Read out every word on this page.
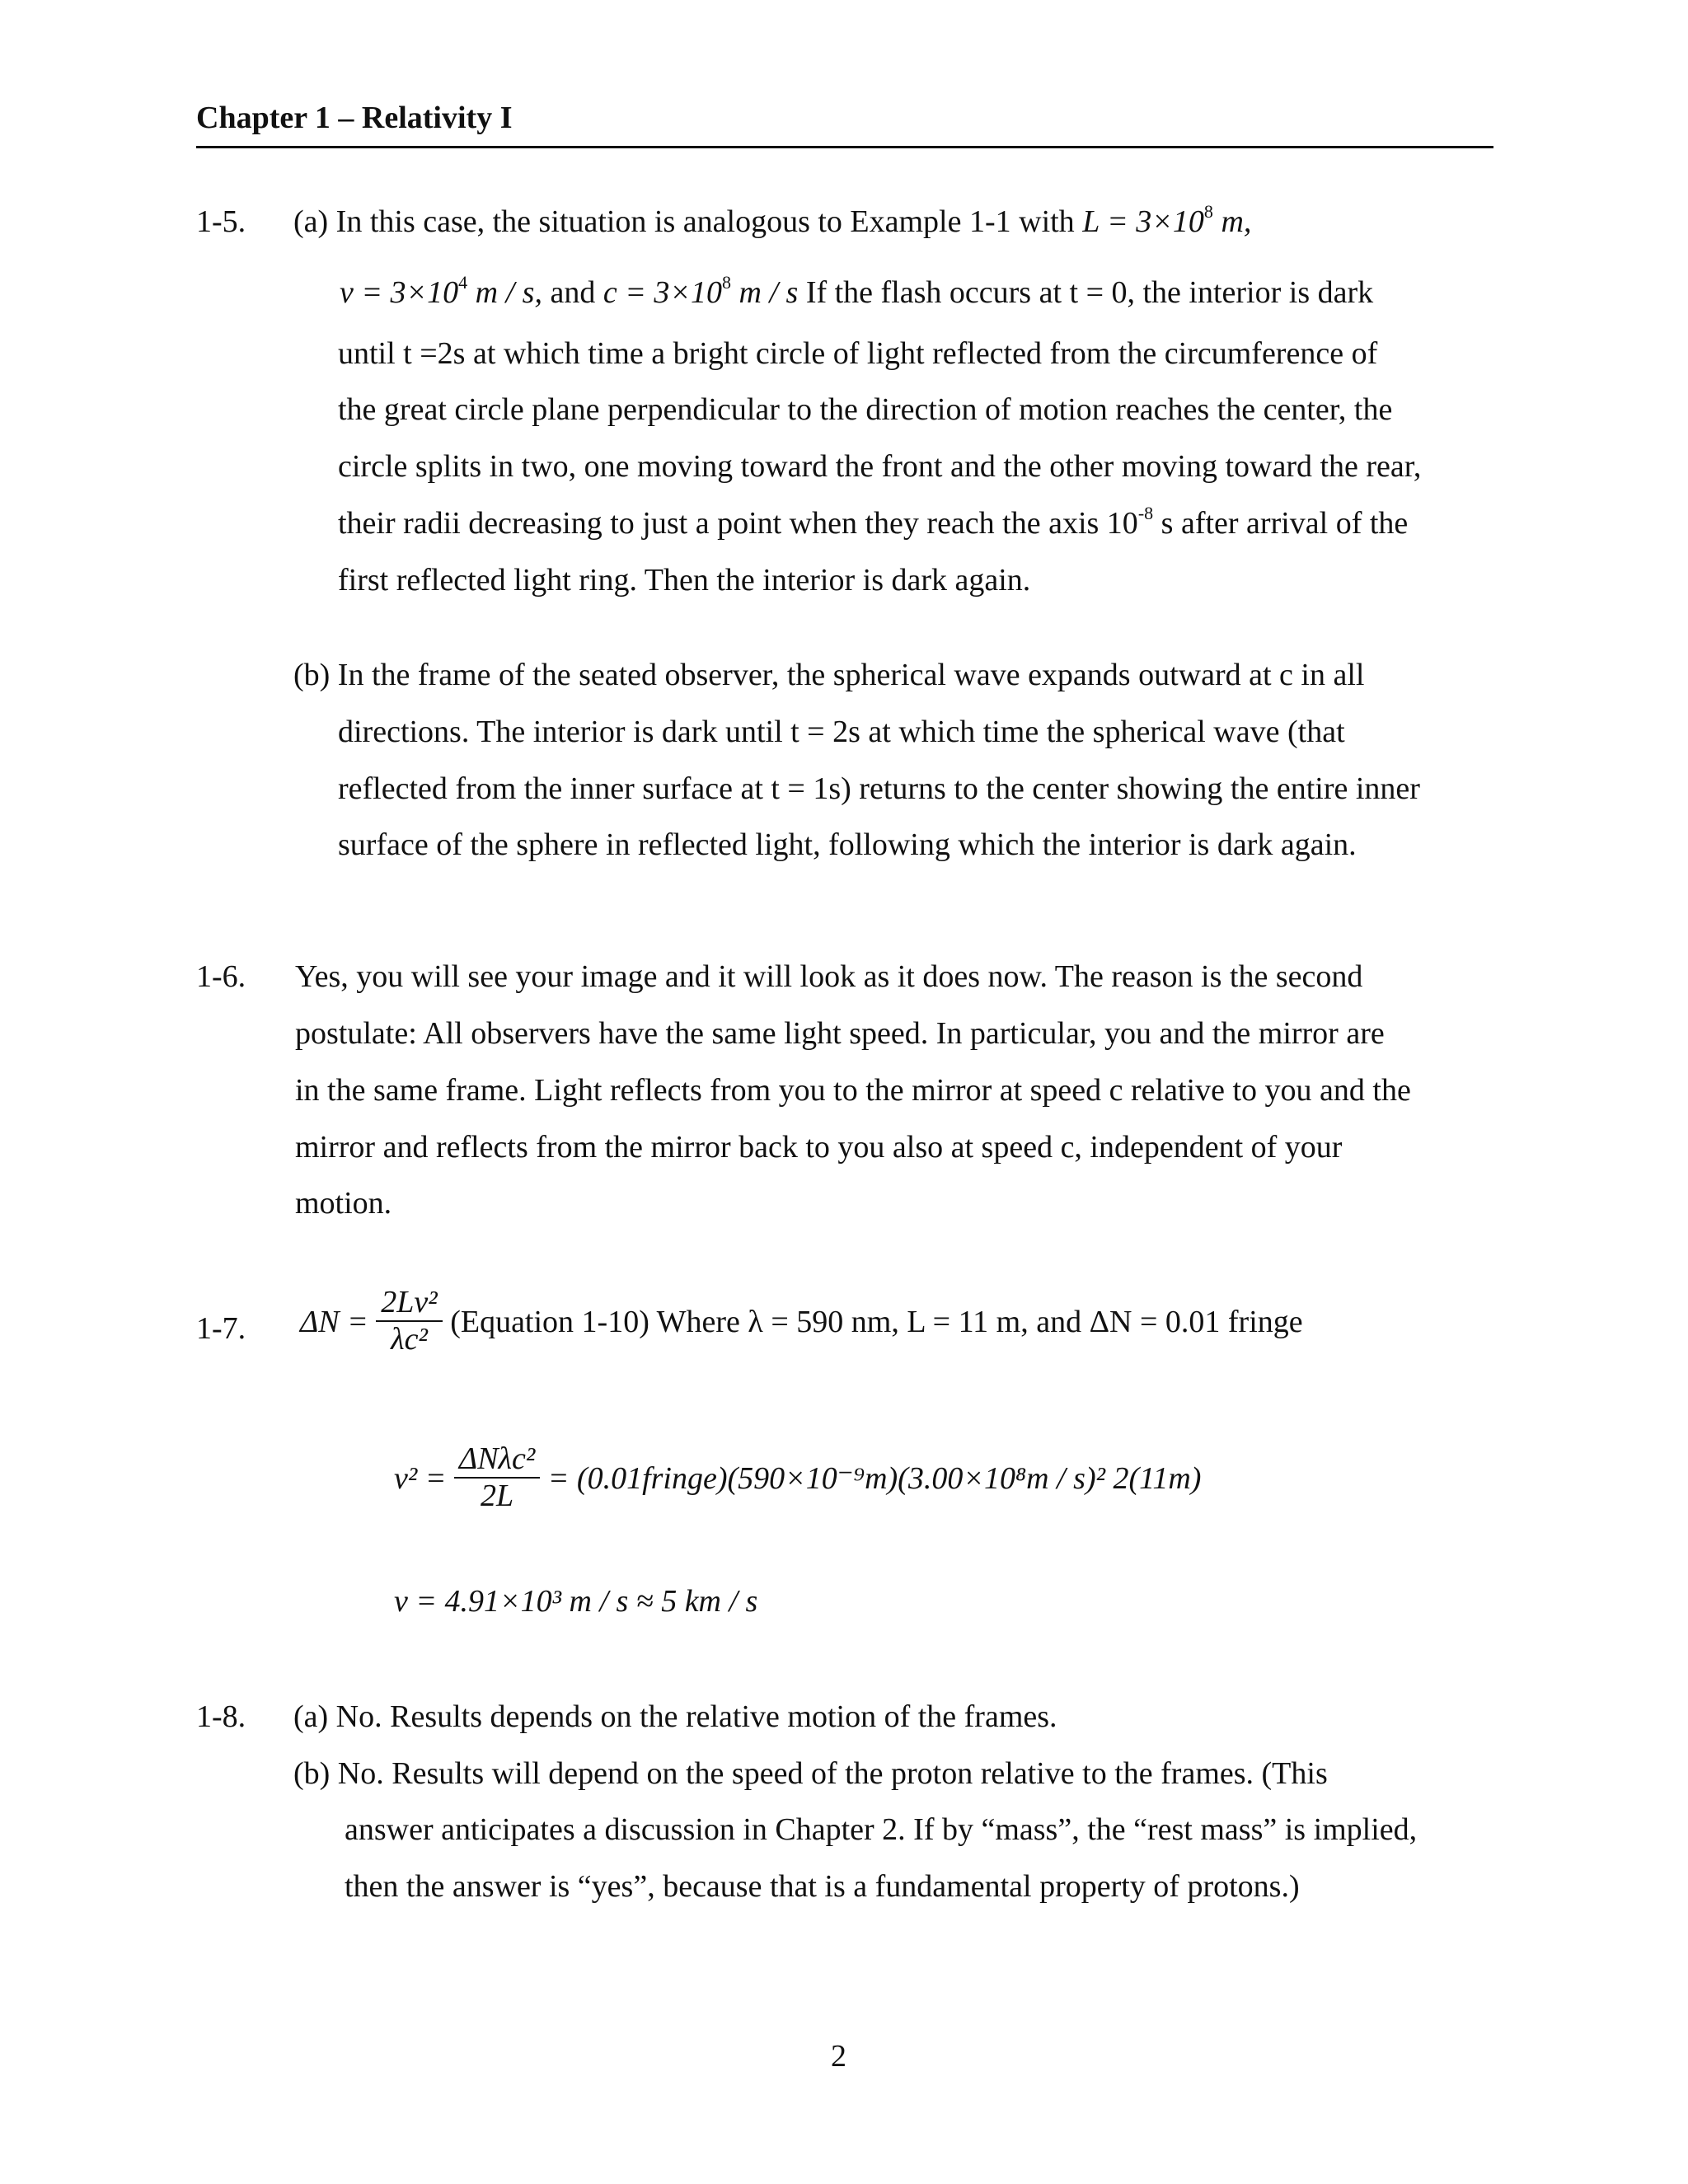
Chapter 1 – Relativity I
1-5. (a) In this case, the situation is analogous to Example 1-1 with $L = 3\times 10^8$ m,
$v = 3\times 10^4$ m / s, and $c = 3\times 10^8$ m / s If the flash occurs at t = 0, the interior is dark
until t =2s at which time a bright circle of light reflected from the circumference of
the great circle plane perpendicular to the direction of motion reaches the center, the
circle splits in two, one moving toward the front and the other moving toward the rear,
their radii decreasing to just a point when they reach the axis $10^{-8}$ s after arrival of the
first reflected light ring. Then the interior is dark again.
(b) In the frame of the seated observer, the spherical wave expands outward at c in all
directions. The interior is dark until t = 2s at which time the spherical wave (that
reflected from the inner surface at t = 1s) returns to the center showing the entire inner
surface of the sphere in reflected light, following which the interior is dark again.
1-6. Yes, you will see your image and it will look as it does now. The reason is the second
postulate: All observers have the same light speed. In particular, you and the mirror are
in the same frame. Light reflects from you to the mirror at speed c relative to you and the
mirror and reflects from the mirror back to you also at speed c, independent of your
motion.
1-7. $\Delta N = \frac{\text{2Lv²}}{\text{λc²}}$ (Equation 1-10) Where λ = 590 nm, L = 11 m, and ΔN = 0.01 fringe
$v^2 = \frac{\text{ΔNλc²}}{2L}$ = (0.01fringe)(590×10⁻⁹m)(3.00×10⁸m / s)² 2(11m)
v = 4.91×10³ m / s ≈ 5 km / s
1-8. (a) No. Results depends on the relative motion of the frames.
(b) No. Results will depend on the speed of the proton relative to the frames. (This
answer anticipates a discussion in Chapter 2. If by “mass”, the “rest mass” is implied,
then the answer is “yes”, because that is a fundamental property of protons.)
2
